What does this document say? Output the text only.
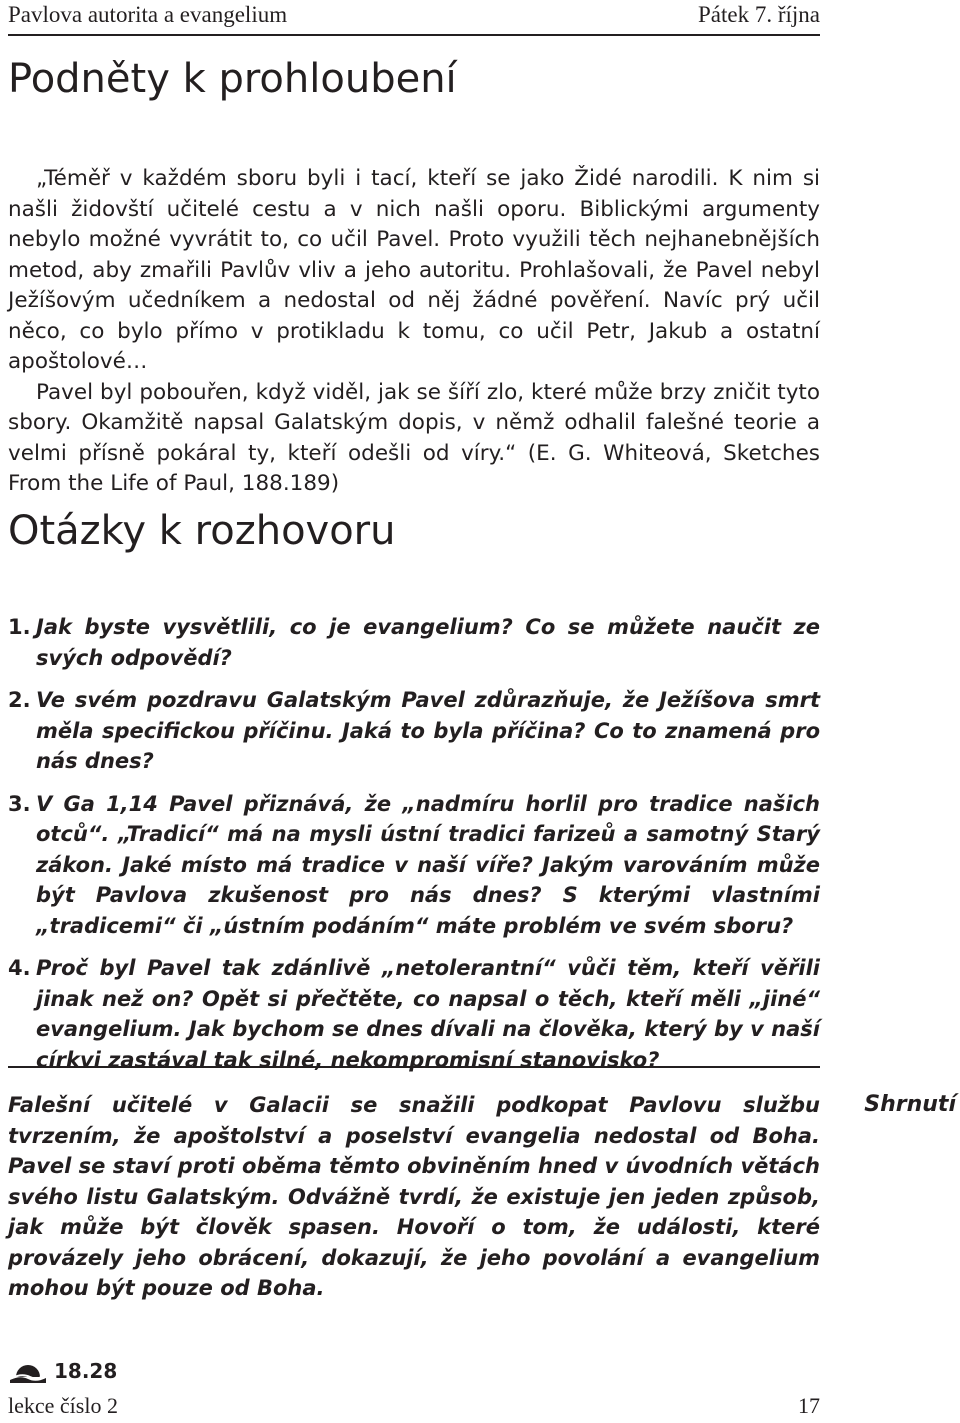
Pavlova autorita a evangelium	Pátek 7. října
Podněty k prohloubení

„Téměř v každém sboru byli i tací, kteří se jako Židé narodili. K nim si našli židovští učitelé cestu a v nich našli oporu. Biblickými argumenty nebylo možné vyvrátit to, co učil Pavel. Proto využili těch nejhanebnějších metod, aby zmařili Pavlův vliv a jeho autoritu. Prohlašovali, že Pavel nebyl Ježíšovým učedníkem a nedostal od něj žádné pověření. Navíc prý učil něco, co bylo přímo v protikladu k tomu, co učil Petr, Jakub a ostatní apoštolové…

Pavel byl pobouřen, když viděl, jak se šíří zlo, které může brzy zničit tyto sbory. Okamžitě napsal Galatským dopis, v němž odhalil falešné teorie a velmi přísně pokáral ty, kteří odešli od víry.“ (E. G. Whiteová, Sketches From the Life of Paul, 188.189)

Otázky k rozhovoru

1. Jak byste vysvětlili, co je evangelium? Co se můžete naučit ze svých odpovědí?

2. Ve svém pozdravu Galatským Pavel zdůrazňuje, že Ježíšova smrt měla specifickou příčinu. Jaká to byla příčina? Co to znamená pro nás dnes?

3. V Ga 1,14 Pavel přiznává, že „nadmíru horlil pro tradice našich otců“. „Tradicí“ má na mysli ústní tradici farizeů a samotný Starý zákon. Jaké místo má tradice v naší víře? Jakým varováním může být Pavlova zkušenost pro nás dnes? S kterými vlastními „tradicemi“ či „ústním podáním“ máte problém ve svém sboru?

4. Proč byl Pavel tak zdánlivě „netolerantní“ vůči těm, kteří věřili jinak než on? Opět si přečtěte, co napsal o těch, kteří měli „jiné“ evangelium. Jak bychom se dnes dívali na člověka, který by v naší církvi zastával tak silné, nekompromisní stanovisko?

Falešní učitelé v Galacii se snažili podkopat Pavlovu službu tvrzením, že apoštolství a poselství evangelia nedostal od Boha. Pavel se staví proti oběma těmto obviněním hned v úvodních větách svého listu Galatským. Odvážně tvrdí, že existuje jen jeden způsob, jak může být člověk spasen. Hovoří o tom, že události, které provázely jeho obrácení, dokazují, že jeho povolání a evangelium mohou být pouze od Boha.

Shrnutí
18.28
lekce číslo 2	17
